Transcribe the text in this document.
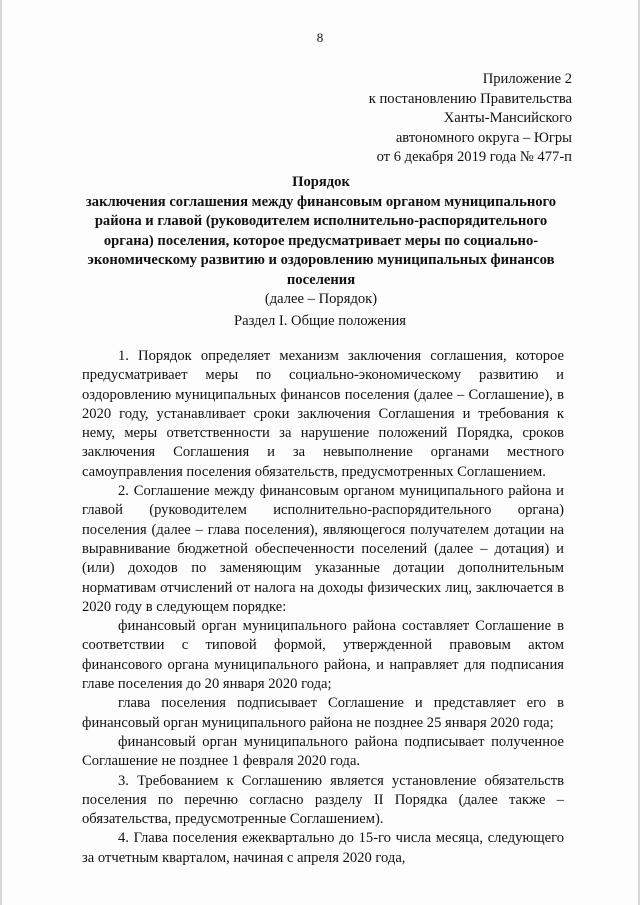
8
Приложение 2
к постановлению Правительства
Ханты-Мансийского
автономного округа – Югры
от 6 декабря 2019 года № 477-п
Порядок
заключения соглашения между финансовым органом муниципального
района и главой (руководителем исполнительно-распорядительного
органа) поселения, которое предусматривает меры по социально-
экономическому развитию и оздоровлению муниципальных финансов
поселения
(далее – Порядок)
Раздел I. Общие положения

1. Порядок определяет механизм заключения соглашения, которое предусматривает меры по социально-экономическому развитию и оздоровлению муниципальных финансов поселения (далее – Соглашение), в 2020 году, устанавливает сроки заключения Соглашения и требования к нему, меры ответственности за нарушение положений Порядка, сроков заключения Соглашения и за невыполнение органами местного самоуправления поселения обязательств, предусмотренных Соглашением.

2. Соглашение между финансовым органом муниципального района и главой (руководителем исполнительно-распорядительного органа) поселения (далее – глава поселения), являющегося получателем дотации на выравнивание бюджетной обеспеченности поселений (далее – дотация) и (или) доходов по заменяющим указанные дотации дополнительным нормативам отчислений от налога на доходы физических лиц, заключается в 2020 году в следующем порядке:

финансовый орган муниципального района составляет Соглашение в соответствии с типовой формой, утвержденной правовым актом финансового органа муниципального района, и направляет для подписания главе поселения до 20 января 2020 года;

глава поселения подписывает Соглашение и представляет его в финансовый орган муниципального района не позднее 25 января 2020 года;

финансовый орган муниципального района подписывает полученное Соглашение не позднее 1 февраля 2020 года.

3. Требованием к Соглашению является установление обязательств поселения по перечню согласно разделу II Порядка (далее также – обязательства, предусмотренные Соглашением).

4. Глава поселения ежеквартально до 15-го числа месяца, следующего за отчетным кварталом, начиная с апреля 2020 года,
